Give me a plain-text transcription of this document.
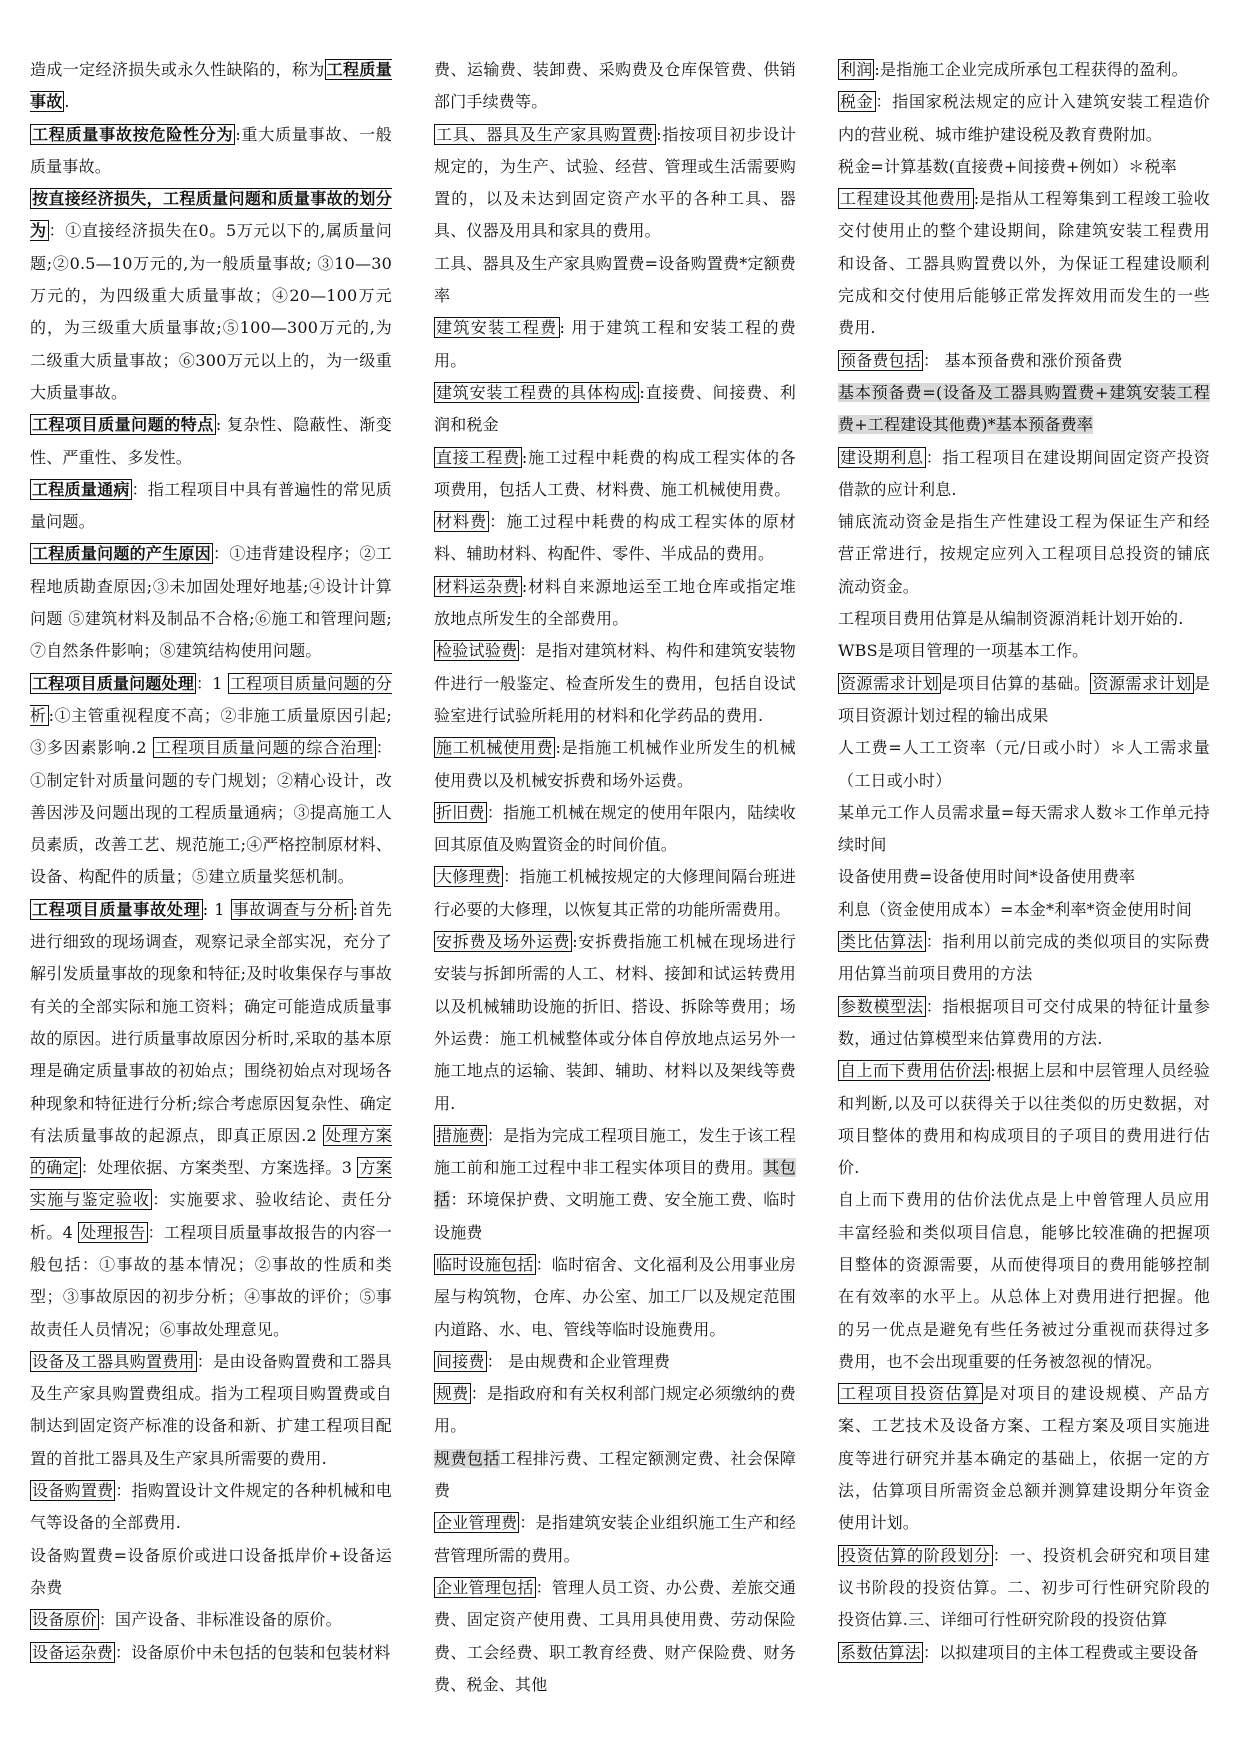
造成一定经济损失或永久性缺陷的，称为 工程质量事故 .

工程质量事故按危险性分为 :重大质量事故、一般质量事故。

按直接经济损失，工程质量问题和质量事故的划分为 ：①直接经济损失在0。5万元以下的,属质量问题;②0.5—10万元的,为一般质量事故; ③10—30万元的，为四级重大质量事故；④20—100万元的，为三级重大质量事故;⑤100—300万元的,为二级重大质量事故；⑥300万元以上的，为一级重大质量事故。

工程项目质量问题的特点 : 复杂性、隐蔽性、渐变性、严重性、多发性。

工程质量通病 ：指工程项目中具有普遍性的常见质量问题。

工程质量问题的产生原因 ：①违背建设程序；②工程地质勘查原因;③未加固处理好地基;④设计计算问题 ⑤建筑材料及制品不合格;⑥施工和管理问题; ⑦自然条件影响；⑧建筑结构使用问题。

工程项目质量问题处理 ：1 工程项目质量问题的分析 :①主管重视程度不高；②非施工质量原因引起; ③多因素影响.2 工程项目质量问题的综合治理 ：①制定针对质量问题的专门规划；②精心设计，改善因涉及问题出现的工程质量通病；③提高施工人员素质，改善工艺、规范施工;④严格控制原材料、设备、构配件的质量；⑤建立质量奖惩机制。

工程项目质量事故处理 : 1 事故调查与分析 :首先进行细致的现场调查，观察记录全部实况，充分了解引发质量事故的现象和特征;及时收集保存与事故有关的全部实际和施工资料；确定可能造成质量事故的原因。进行质量事故原因分析时,采取的基本原理是确定质量事故的初始点；围绕初始点对现场各种现象和特征进行分析;综合考虑原因复杂性、确定有法质量事故的起源点，即真正原因.2 处理方案的确定 ：处理依据、方案类型、方案选择。3 方案实施与鉴定验收 ：实施要求、验收结论、责任分析。4 处理报告 ：工程项目质量事故报告的内容一般包括：①事故的基本情况；②事故的性质和类型；③事故原因的初步分析；④事故的评价；⑤事故责任人员情况；⑥事故处理意见。

设备及工器具购置费用 ：是由设备购置费和工器具及生产家具购置费组成。指为工程项目购置费或自制达到固定资产标准的设备和新、扩建工程项目配置的首批工器具及生产家具所需要的费用.

设备购置费 ：指购置设计文件规定的各种机械和电气等设备的全部费用.

设备购置费=设备原价或进口设备抵岸价+设备运杂费

设备原价 ：国产设备、非标准设备的原价。

设备运杂费 ：设备原价中未包括的包装和包装材料

费、运输费、装卸费、采购费及仓库保管费、供销部门手续费等。

工具、器具及生产家具购置费 :指按项目初步设计规定的，为生产、试验、经营、管理或生活需要购置的，以及未达到固定资产水平的各种工具、器具、仪器及用具和家具的费用。

工具、器具及生产家具购置费=设备购置费*定额费率

建筑安装工程费 : 用于建筑工程和安装工程的费用。

建筑安装工程费的具体构成 :直接费、间接费、利润和税金

直接工程费 :施工过程中耗费的构成工程实体的各项费用，包括人工费、材料费、施工机械使用费。

材料费 ：施工过程中耗费的构成工程实体的原材料、辅助材料、构配件、零件、半成品的费用。

材料运杂费 :材料自来源地运至工地仓库或指定堆放地点所发生的全部费用。

检验试验费 ：是指对建筑材料、构件和建筑安装物件进行一般鉴定、检查所发生的费用，包括自设试验室进行试验所耗用的材料和化学药品的费用.

施工机械使用费 :是指施工机械作业所发生的机械使用费以及机械安拆费和场外运费。

折旧费 ：指施工机械在规定的使用年限内，陆续收回其原值及购置资金的时间价值。

大修理费 ：指施工机械按规定的大修理间隔台班进行必要的大修理，以恢复其正常的功能所需费用。

安拆费及场外运费 :安拆费指施工机械在现场进行安装与拆卸所需的人工、材料、接卸和试运转费用以及机械辅助设施的折旧、搭设、拆除等费用；场外运费：施工机械整体或分体自停放地点运另外一施工地点的运输、装卸、辅助、材料以及架线等费用.

措施费 ：是指为完成工程项目施工，发生于该工程施工前和施工过程中非工程实体项目的费用。其包括：环境保护费、文明施工费、安全施工费、临时设施费

临时设施包括 ：临时宿舍、文化福利及公用事业房屋与构筑物，仓库、办公室、加工厂以及规定范围内道路、水、电、管线等临时设施费用。

间接费 ： 是由规费和企业管理费

规费 ：是指政府和有关权利部门规定必须缴纳的费用。

规费包括工程排污费、工程定额测定费、社会保障费

企业管理费 ：是指建筑安装企业组织施工生产和经营管理所需的费用。

企业管理包括 ：管理人员工资、办公费、差旅交通费、固定资产使用费、工具用具使用费、劳动保险费、工会经费、职工教育经费、财产保险费、财务费、税金、其他

利润 :是指施工企业完成所承包工程获得的盈利。

税金 ：指国家税法规定的应计入建筑安装工程造价内的营业税、城市维护建设税及教育费附加。

税金=计算基数(直接费+间接费+例如）＊税率

工程建设其他费用 :是指从工程筹集到工程竣工验收交付使用止的整个建设期间，除建筑安装工程费用和设备、工器具购置费以外，为保证工程建设顺利完成和交付使用后能够正常发挥效用而发生的一些费用.

预备费包括 ： 基本预备费和涨价预备费

基本预备费=(设备及工器具购置费+建筑安装工程费+工程建设其他费)*基本预备费率

建设期利息 ：指工程项目在建设期间固定资产投资借款的应计利息.

铺底流动资金是指生产性建设工程为保证生产和经营正常进行，按规定应列入工程项目总投资的铺底流动资金。

工程项目费用估算是从编制资源消耗计划开始的.

WBS是项目管理的一项基本工作。

资源需求计划 是项目估算的基础。 资源需求计划 是项目资源计划过程的输出成果

人工费=人工工资率（元/日或小时）＊人工需求量（工日或小时）

某单元工作人员需求量=每天需求人数＊工作单元持续时间

设备使用费=设备使用时间*设备使用费率

利息（资金使用成本）=本金*利率*资金使用时间

类比估算法 ：指利用以前完成的类似项目的实际费用估算当前项目费用的方法

参数模型法 ：指根据项目可交付成果的特征计量参数，通过估算模型来估算费用的方法.

自上而下费用估价法 :根据上层和中层管理人员经验和判断,以及可以获得关于以往类似的历史数据，对项目整体的费用和构成项目的子项目的费用进行估价.

自上而下费用的估价法优点是上中曾管理人员应用丰富经验和类似项目信息，能够比较准确的把握项目整体的资源需要，从而使得项目的费用能够控制在有效率的水平上。从总体上对费用进行把握。他的另一优点是避免有些任务被过分重视而获得过多费用，也不会出现重要的任务被忽视的情况。

工程项目投资估算 是对项目的建设规模、产品方案、工艺技术及设备方案、工程方案及项目实施进度等进行研究并基本确定的基础上，依据一定的方法，估算项目所需资金总额并测算建设期分年资金使用计划。

投资估算的阶段划分 ：一、投资机会研究和项目建议书阶段的投资估算。二、初步可行性研究阶段的投资估算.三、详细可行性研究阶段的投资估算

系数估算法 ：以拟建项目的主体工程费或主要设备
